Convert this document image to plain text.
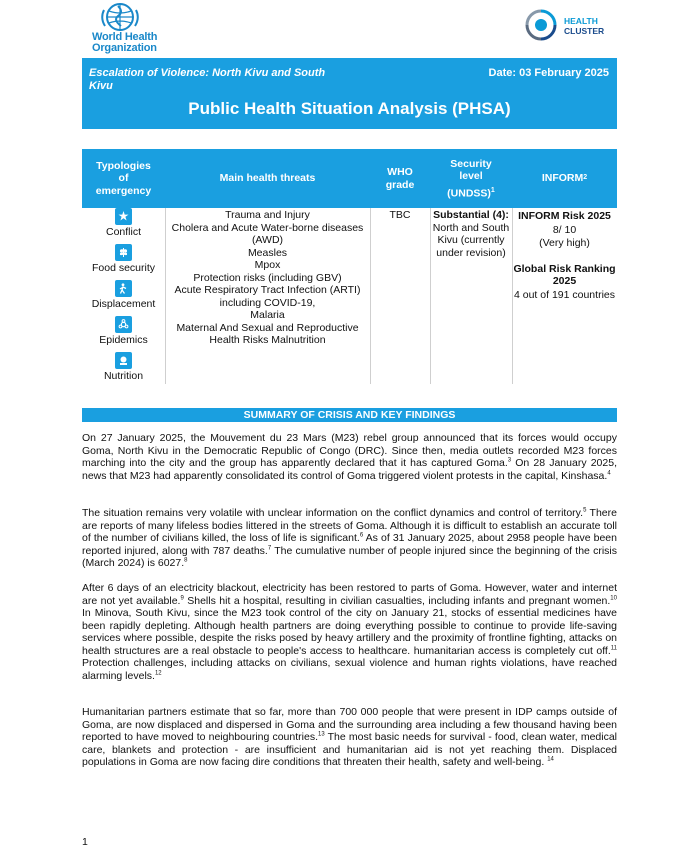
World Health
Organization
HEALTH
CLUSTER
Escalation of Violence: North Kivu and South Kivu
Date: 03 February 2025
Public Health Situation Analysis (PHSA)
Typologies of emergency
Main health threats
WHO grade
Security level
(UNDSS)$^1$
INFORM 2
Conflict
Food security
Displacement
Epidemics
Nutrition
Trauma and Injury
Cholera and Acute Water-borne diseases (AWD)
Measles
Mpox
Protection risks (including GBV)
Acute Respiratory Tract Infection (ARTI)
including COVID-19,
Malaria
Maternal And Sexual and Reproductive Health Risks Malnutrition
TBC	Substantial (4): North and South Kivu (currently under revision)
INFORM Risk 2025
8/ 10
(Very high)
Global Risk Ranking 2025
4 out of 191 countries
SUMMARY OF CRISIS AND KEY FINDINGS
On 27 January 2025, the Mouvement du 23 Mars (M23) rebel group announced that its forces would occupy Goma, North Kivu in the Democratic Republic of Congo (DRC). Since then, media outlets recorded M23 forces marching into the city and the group has apparently declared that it has captured Goma.$^3$ On 28 January 2025, news that M23 had apparently consolidated its control of Goma triggered violent protests in the capital, Kinshasa.$^4$
The situation remains very volatile with unclear information on the conflict dynamics and control of territory.$^5$ There are reports of many lifeless bodies littered in the streets of Goma. Although it is difficult to establish an accurate toll of the number of civilians killed, the loss of life is significant.$^6$ As of 31 January 2025, about 2958 people have been reported injured, along with 787 deaths.$^7$ The cumulative number of people injured since the beginning of the crisis (March 2024) is 6027.$^8$
After 6 days of an electricity blackout, electricity has been restored to parts of Goma. However, water and internet are not yet available.$^9$ Shells hit a hospital, resulting in civilian casualties, including infants and pregnant women.$^{10}$ In Minova, South Kivu, since the M23 took control of the city on January 21, stocks of essential medicines have been rapidly depleting. Although health partners are doing everything possible to continue to provide life-saving services where possible, despite the risks posed by heavy artillery and the proximity of frontline fighting, attacks on health structures are a real obstacle to people's access to healthcare. humanitarian access is completely cut off.$^{11}$ Protection challenges, including attacks on civilians, sexual violence and human rights violations, have reached alarming levels.$^{12}$
Humanitarian partners estimate that so far, more than 700 000 people that were present in IDP camps outside of Goma, are now displaced and dispersed in Goma and the surrounding area including a few thousand having been reported to have moved to neighbouring countries.$^{13}$ The most basic needs for survival - food, clean water, medical care, blankets and protection - are insufficient and humanitarian aid is not yet reaching them. Displaced populations in Goma are now facing dire conditions that threaten their health, safety and well-being. $^{14}$
1
